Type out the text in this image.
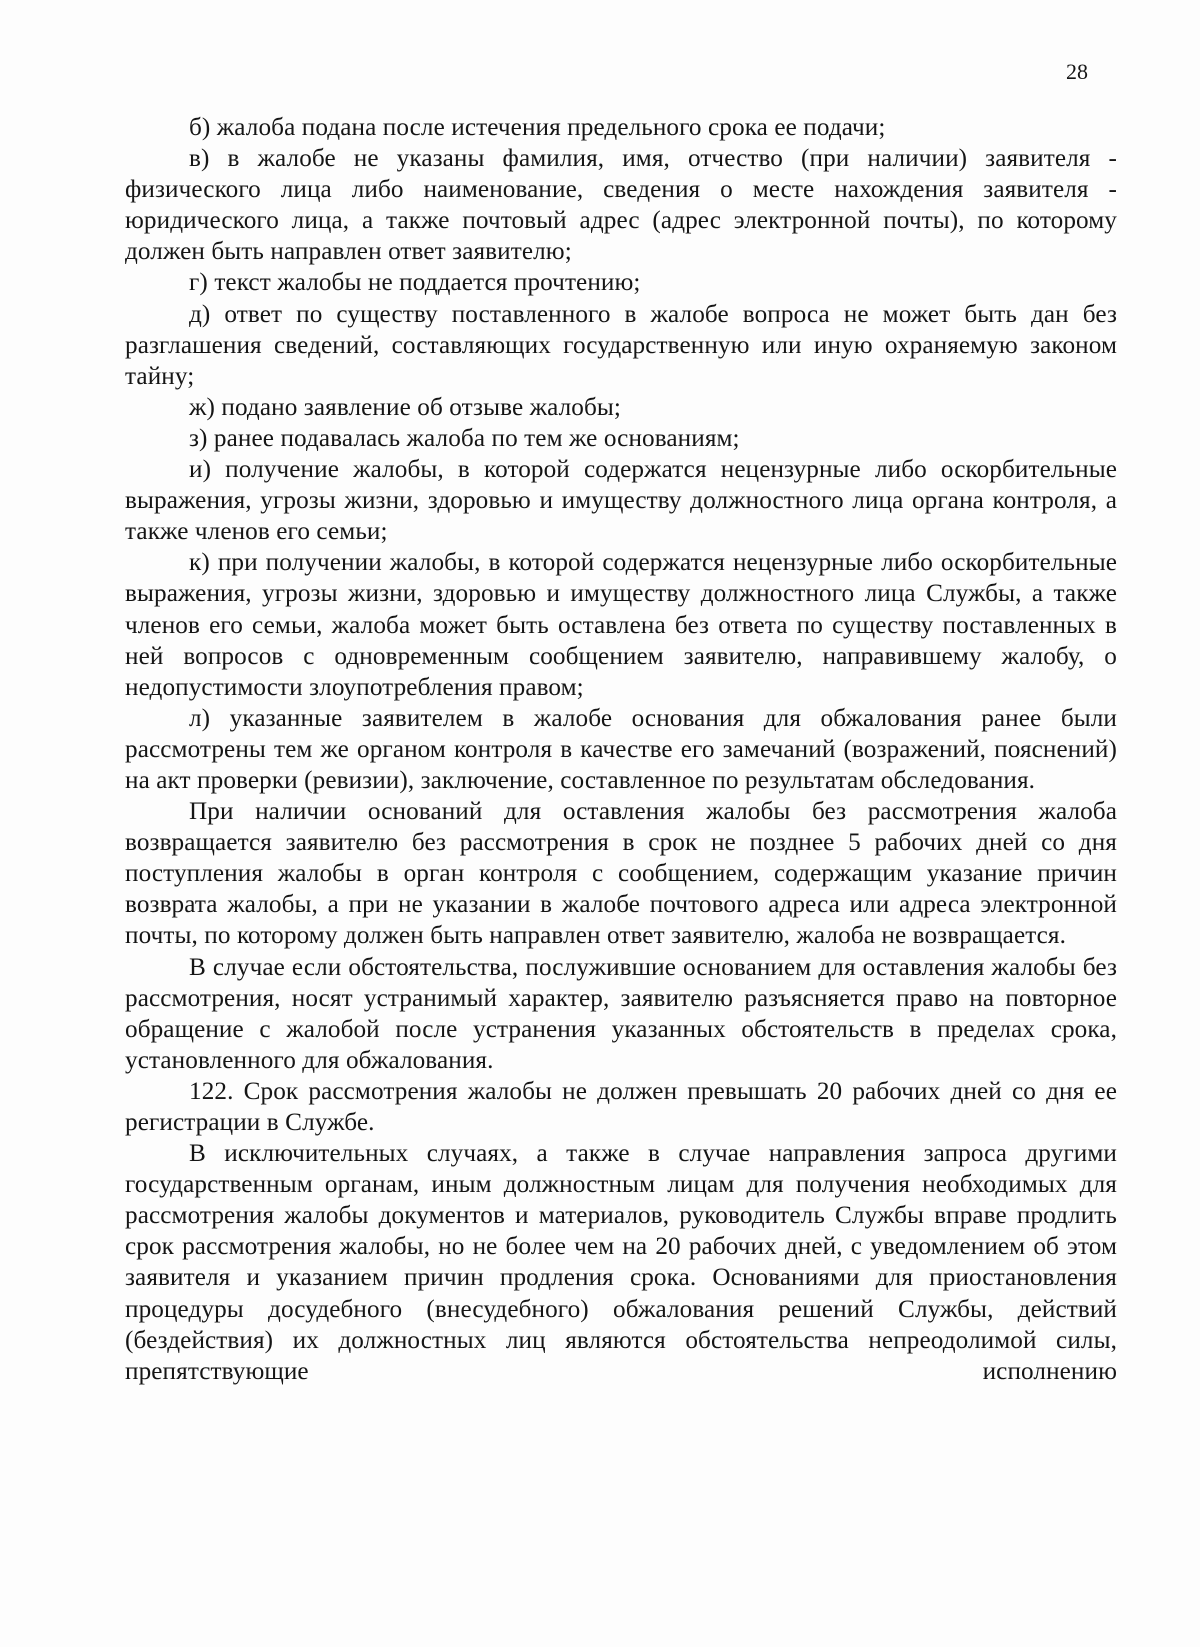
28

б) жалоба подана после истечения предельного срока ее подачи;

в) в жалобе не указаны фамилия, имя, отчество (при наличии) заявителя - физического лица либо наименование, сведения о месте нахождения заявителя - юридического лица, а также почтовый адрес (адрес электронной почты), по которому должен быть направлен ответ заявителю;

г) текст жалобы не поддается прочтению;

д) ответ по существу поставленного в жалобе вопроса не может быть дан без разглашения сведений, составляющих государственную или иную охраняемую законом тайну;

ж) подано заявление об отзыве жалобы;

з) ранее подавалась жалоба по тем же основаниям;

и) получение жалобы, в которой содержатся нецензурные либо оскорбительные выражения, угрозы жизни, здоровью и имуществу должностного лица органа контроля, а также членов его семьи;

к) при получении жалобы, в которой содержатся нецензурные либо оскорбительные выражения, угрозы жизни, здоровью и имуществу должностного лица Службы, а также членов его семьи, жалоба может быть оставлена без ответа по существу поставленных в ней вопросов с одновременным сообщением заявителю, направившему жалобу, о недопустимости злоупотребления правом;

л) указанные заявителем в жалобе основания для обжалования ранее были рассмотрены тем же органом контроля в качестве его замечаний (возражений, пояснений) на акт проверки (ревизии), заключение, составленное по результатам обследования.

При наличии оснований для оставления жалобы без рассмотрения жалоба возвращается заявителю без рассмотрения в срок не позднее 5 рабочих дней со дня поступления жалобы в орган контроля с сообщением, содержащим указание причин возврата жалобы, а при не указании в жалобе почтового адреса или адреса электронной почты, по которому должен быть направлен ответ заявителю, жалоба не возвращается.

В случае если обстоятельства, послужившие основанием для оставления жалобы без рассмотрения, носят устранимый характер, заявителю разъясняется право на повторное обращение с жалобой после устранения указанных обстоятельств в пределах срока, установленного для обжалования.

122. Срок рассмотрения жалобы не должен превышать 20 рабочих дней со дня ее регистрации в Службе.

В исключительных случаях, а также в случае направления запроса другими государственным органам, иным должностным лицам для получения необходимых для рассмотрения жалобы документов и материалов, руководитель Службы вправе продлить срок рассмотрения жалобы, но не более чем на 20 рабочих дней, с уведомлением об этом заявителя и указанием причин продления срока. Основаниями для приостановления процедуры досудебного (внесудебного) обжалования решений Службы, действий (бездействия) их должностных лиц являются обстоятельства непреодолимой силы, препятствующие исполнению
